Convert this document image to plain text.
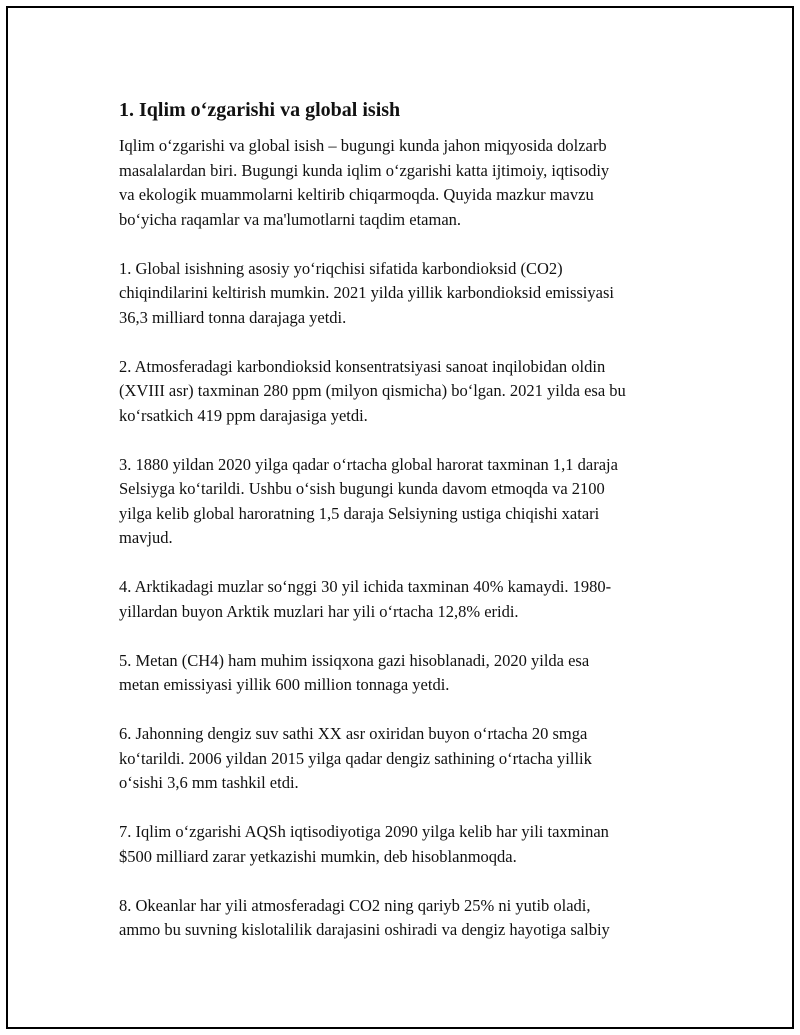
1. Iqlim o‘zgarishi va global isish
Iqlim o‘zgarishi va global isish – bugungi kunda jahon miqyosida dolzarb
masalalardan biri. Bugungi kunda iqlim o‘zgarishi katta ijtimoiy, iqtisodiy
va ekologik muammolarni keltirib chiqarmoqda. Quyida mazkur mavzu
bo‘yicha raqamlar va ma'lumotlarni taqdim etaman.
1. Global isishning asosiy yo‘riqchisi sifatida karbondioksid (CO2)
chiqindilarini keltirish mumkin. 2021 yilda yillik karbondioksid emissiyasi
36,3 milliard tonna darajaga yetdi.
2. Atmosferadagi karbondioksid konsentratsiyasi sanoat inqilobidan oldin
(XVIII asr) taxminan 280 ppm (milyon qismicha) bo‘lgan. 2021 yilda esa bu
ko‘rsatkich 419 ppm darajasiga yetdi.
3. 1880 yildan 2020 yilga qadar o‘rtacha global harorat taxminan 1,1 daraja
Selsiyga ko‘tarildi. Ushbu o‘sish bugungi kunda davom etmoqda va 2100
yilga kelib global haroratning 1,5 daraja Selsiyning ustiga chiqishi xatari
mavjud.
4. Arktikadagi muzlar so‘nggi 30 yil ichida taxminan 40% kamaydi. 1980-
yillardan buyon Arktik muzlari har yili o‘rtacha 12,8% eridi.
5. Metan (CH4) ham muhim issiqxona gazi hisoblanadi, 2020 yilda esa
metan emissiyasi yillik 600 million tonnaga yetdi.
6. Jahonning dengiz suv sathi XX asr oxiridan buyon o‘rtacha 20 smga
ko‘tarildi. 2006 yildan 2015 yilga qadar dengiz sathining o‘rtacha yillik
o‘sishi 3,6 mm tashkil etdi.
7. Iqlim o‘zgarishi AQSh iqtisodiyotiga 2090 yilga kelib har yili taxminan
$500 milliard zarar yetkazishi mumkin, deb hisoblanmoqda.
8. Okeanlar har yili atmosferadagi CO2 ning qariyb 25% ni yutib oladi,
ammo bu suvning kislotalilik darajasini oshiradi va dengiz hayotiga salbiy
